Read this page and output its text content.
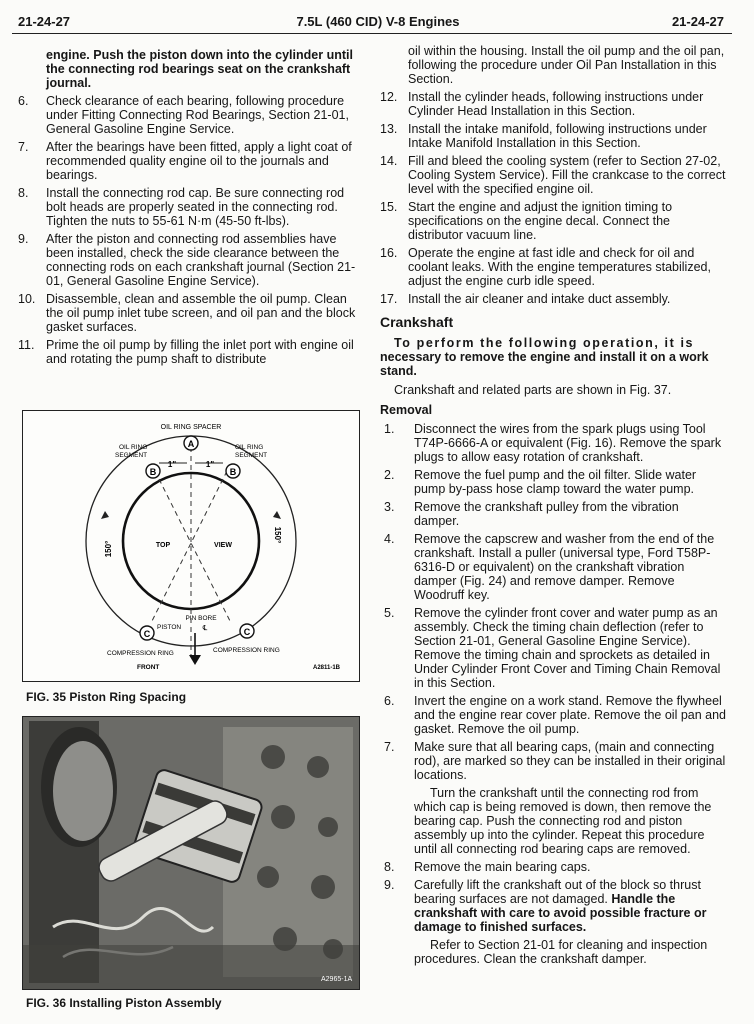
21-24-27	7.5L (460 CID) V-8 Engines	21-24-27
engine. Push the piston down into the cylinder until the connecting rod bearings seat on the crankshaft journal.
6. Check clearance of each bearing, following procedure under Fitting Connecting Rod Bearings, Section 21-01, General Gasoline Engine Service.
7. After the bearings have been fitted, apply a light coat of recommended quality engine oil to the journals and bearings.
8. Install the connecting rod cap. Be sure connecting rod bolt heads are properly seated in the connecting rod. Tighten the nuts to 55-61 N·m (45-50 ft-lbs).
9. After the piston and connecting rod assemblies have been installed, check the side clearance between the connecting rods on each crankshaft journal (Section 21-01, General Gasoline Engine Service).
10. Disassemble, clean and assemble the oil pump. Clean the oil pump inlet tube screen, and oil pan and the block gasket surfaces.
11. Prime the oil pump by filling the inlet port with engine oil and rotating the pump shaft to distribute
A
B	B
C	C
OIL RING SPACER
OIL RING
SEGMENT
OIL RING
SEGMENT
1"	1"
150°
150°
TOP	VIEW
PIN BORE
℄
PISTON
COMPRESSION RING	COMPRESSION RING
FRONT	A2811-1B
FIG. 35 Piston Ring Spacing
A2965-1A
FIG. 36 Installing Piston Assembly
oil within the housing. Install the oil pump and the oil pan, following the procedure under Oil Pan Installation in this Section.
12. Install the cylinder heads, following instructions under Cylinder Head Installation in this Section.
13. Install the intake manifold, following instructions under Intake Manifold Installation in this Section.
14. Fill and bleed the cooling system (refer to Section 27-02, Cooling System Service). Fill the crankcase to the correct level with the specified engine oil.
15. Start the engine and adjust the ignition timing to specifications on the engine decal. Connect the distributor vacuum line.
16. Operate the engine at fast idle and check for oil and coolant leaks. With the engine temperatures stabilized, adjust the engine curb idle speed.
17. Install the air cleaner and intake duct assembly.
Crankshaft
To perform the following operation, it is necessary to remove the engine and install it on a work stand.
Crankshaft and related parts are shown in Fig. 37.
Removal
1. Disconnect the wires from the spark plugs using Tool T74P-6666-A or equivalent (Fig. 16). Remove the spark plugs to allow easy rotation of crankshaft.
2. Remove the fuel pump and the oil filter. Slide water pump by-pass hose clamp toward the water pump.
3. Remove the crankshaft pulley from the vibration damper.
4. Remove the capscrew and washer from the end of the crankshaft. Install a puller (universal type, Ford T58P-6316-D or equivalent) on the crankshaft vibration damper (Fig. 24) and remove damper. Remove Woodruff key.
5. Remove the cylinder front cover and water pump as an assembly. Check the timing chain deflection (refer to Section 21-01, General Gasoline Engine Service). Remove the timing chain and sprockets as detailed in Under Cylinder Front Cover and Timing Chain Removal in this Section.
6. Invert the engine on a work stand. Remove the flywheel and the engine rear cover plate. Remove the oil pan and gasket. Remove the oil pump.
7. Make sure that all bearing caps, (main and connecting rod), are marked so they can be installed in their original locations.
Turn the crankshaft until the connecting rod from which cap is being removed is down, then remove the bearing cap. Push the connecting rod and piston assembly up into the cylinder. Repeat this procedure until all connecting rod bearing caps are removed.
8. Remove the main bearing caps.
9. Carefully lift the crankshaft out of the block so thrust bearing surfaces are not damaged. Handle the crankshaft with care to avoid possible fracture or damage to finished surfaces.
Refer to Section 21-01 for cleaning and inspection procedures. Clean the crankshaft damper.
